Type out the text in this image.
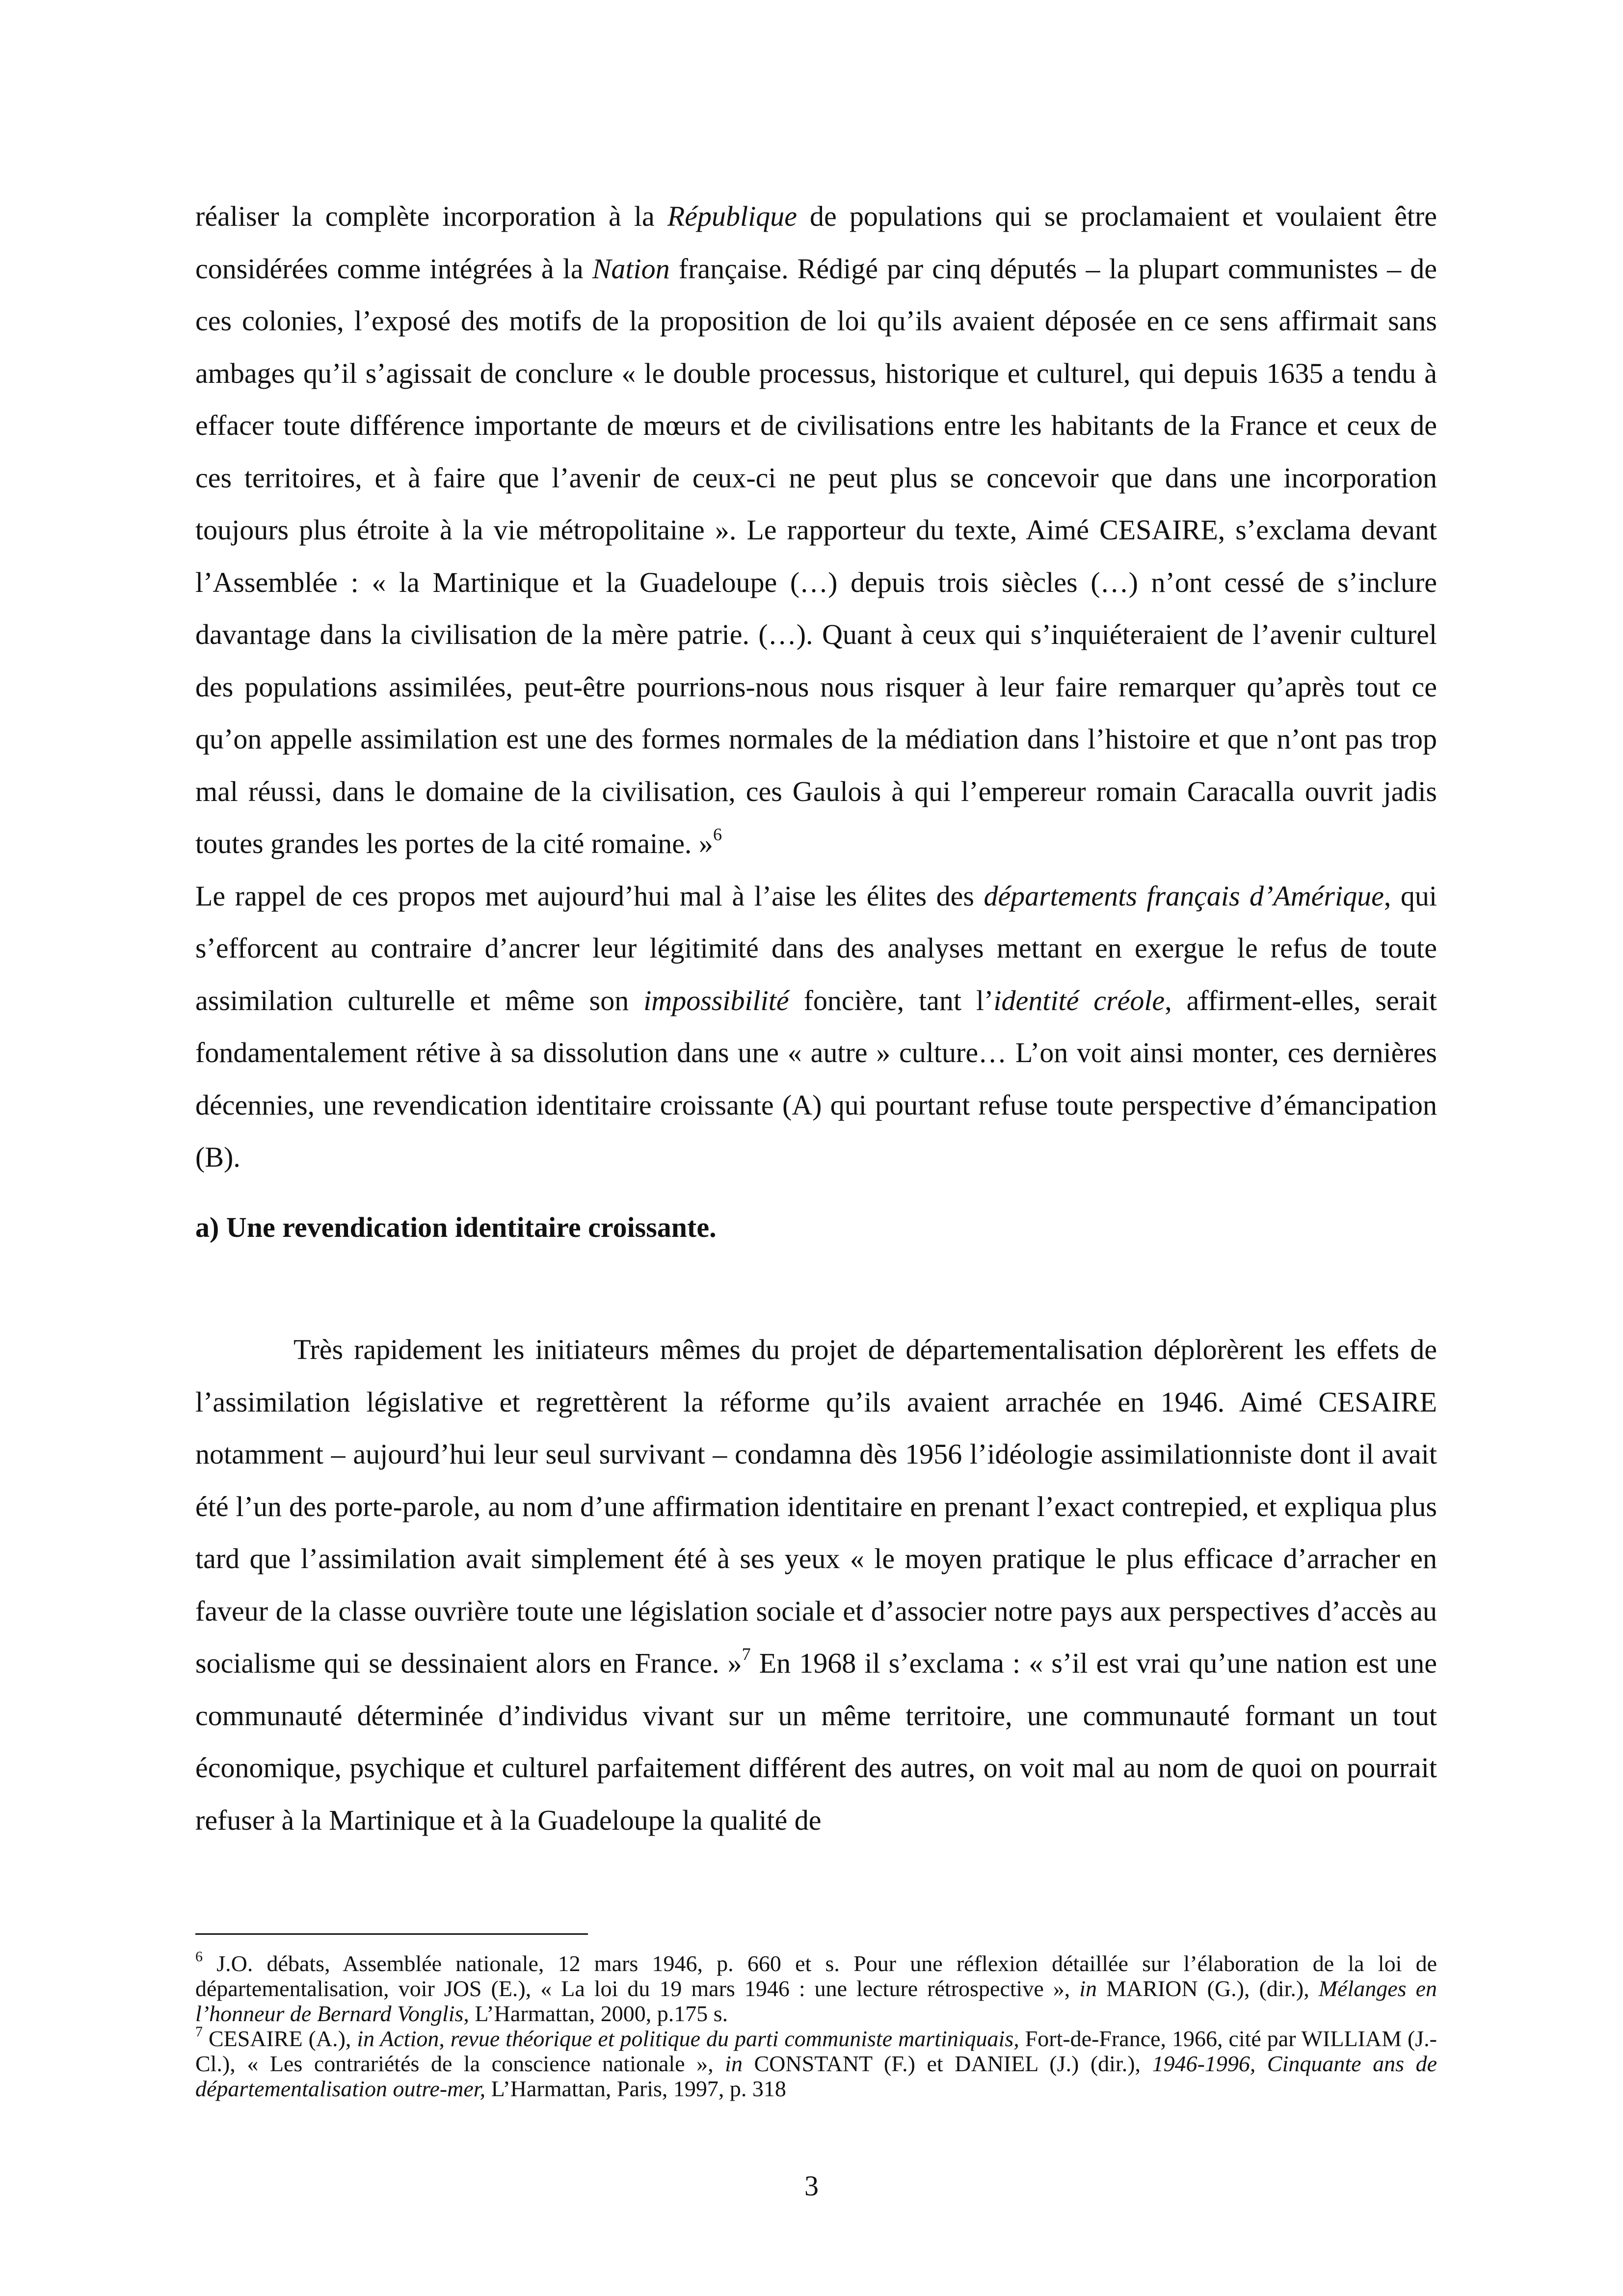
réaliser la complète incorporation à la République de populations qui se proclamaient et voulaient être considérées comme intégrées à la Nation française. Rédigé par cinq députés – la plupart communistes – de ces colonies, l’exposé des motifs de la proposition de loi qu’ils avaient déposée en ce sens affirmait sans ambages qu’il s’agissait de conclure « le double processus, historique et culturel, qui depuis 1635 a tendu à effacer toute différence importante de mœurs et de civilisations entre les habitants de la France et ceux de ces territoires, et à faire que l’avenir de ceux-ci ne peut plus se concevoir que dans une incorporation toujours plus étroite à la vie métropolitaine ». Le rapporteur du texte, Aimé CESAIRE, s’exclama devant l’Assemblée : « la Martinique et la Guadeloupe (…) depuis trois siècles (…) n’ont cessé de s’inclure davantage dans la civilisation de la mère patrie. (…). Quant à ceux qui s’inquiéteraient de l’avenir culturel des populations assimilées, peut-être pourrions-nous nous risquer à leur faire remarquer qu’après tout ce qu’on appelle assimilation est une des formes normales de la médiation dans l’histoire et que n’ont pas trop mal réussi, dans le domaine de la civilisation, ces Gaulois à qui l’empereur romain Caracalla ouvrit jadis toutes grandes les portes de la cité romaine. »$^6$

Le rappel de ces propos met aujourd’hui mal à l’aise les élites des départements français d’Amérique, qui s’efforcent au contraire d’ancrer leur légitimité dans des analyses mettant en exergue le refus de toute assimilation culturelle et même son impossibilité foncière, tant l’identité créole, affirment-elles, serait fondamentalement rétive à sa dissolution dans une « autre » culture… L’on voit ainsi monter, ces dernières décennies, une revendication identitaire croissante (A) qui pourtant refuse toute perspective d’émancipation (B).

a) Une revendication identitaire croissante.

Très rapidement les initiateurs mêmes du projet de départementalisation déplorèrent les effets de l’assimilation législative et regrettèrent la réforme qu’ils avaient arrachée en 1946. Aimé CESAIRE notamment – aujourd’hui leur seul survivant – condamna dès 1956 l’idéologie assimilationniste dont il avait été l’un des porte-parole, au nom d’une affirmation identitaire en prenant l’exact contrepied, et expliqua plus tard que l’assimilation avait simplement été à ses yeux « le moyen pratique le plus efficace d’arracher en faveur de la classe ouvrière toute une législation sociale et d’associer notre pays aux perspectives d’accès au socialisme qui se dessinaient alors en France. »$^7$ En 1968 il s’exclama : « s’il est vrai qu’une nation est une communauté déterminée d’individus vivant sur un même territoire, une communauté formant un tout économique, psychique et culturel parfaitement différent des autres, on voit mal au nom de quoi on pourrait refuser à la Martinique et à la Guadeloupe la qualité de

$^6$ J.O. débats, Assemblée nationale, 12 mars 1946, p. 660 et s. Pour une réflexion détaillée sur l’élaboration de la loi de départementalisation, voir JOS (E.), « La loi du 19 mars 1946 : une lecture rétrospective », in MARION (G.), (dir.), Mélanges en l’honneur de Bernard Vonglis, L’Harmattan, 2000, p.175 s.

$^7$ CESAIRE (A.), in Action, revue théorique et politique du parti communiste martiniquais, Fort-de-France, 1966, cité par WILLIAM (J.-Cl.), « Les contrariétés de la conscience nationale », in CONSTANT (F.) et DANIEL (J.) (dir.), 1946-1996, Cinquante ans de départementalisation outre-mer, L’Harmattan, Paris, 1997, p. 318

3
